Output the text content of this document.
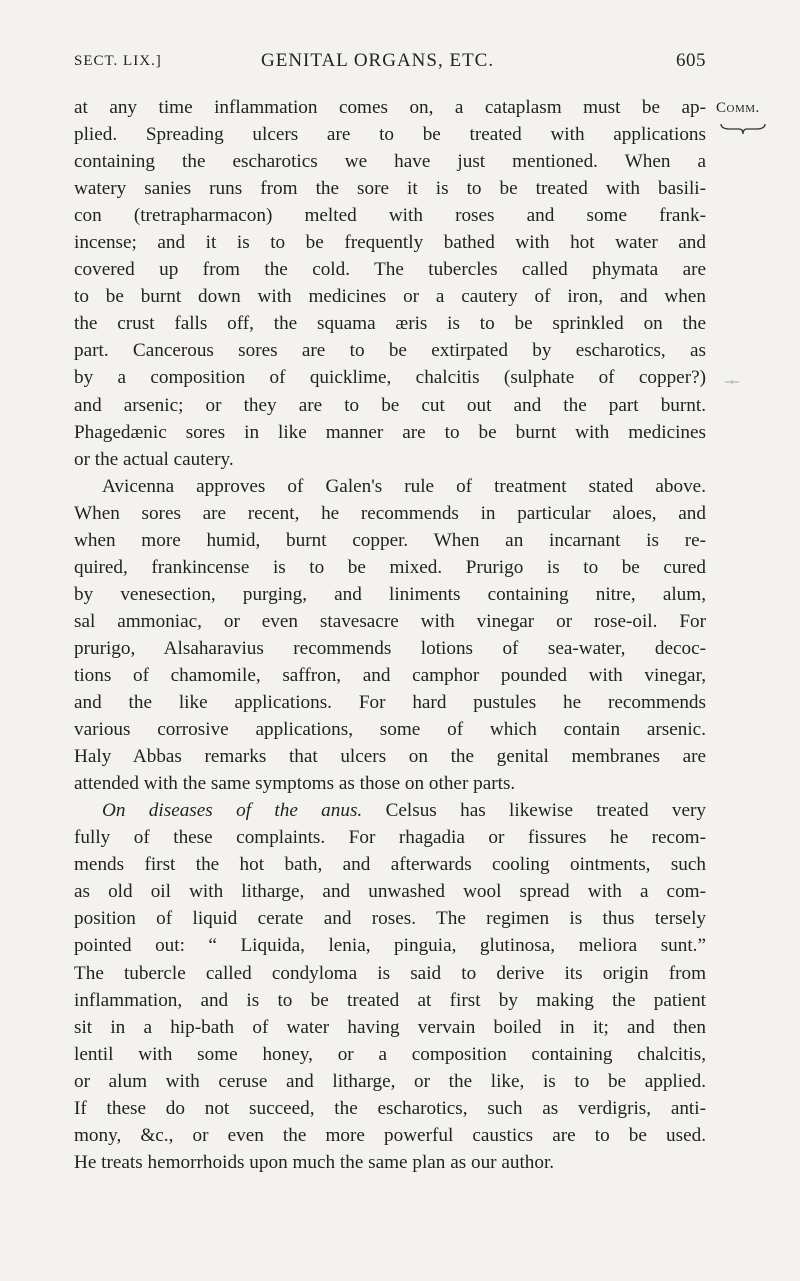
SECT. LIX.]	GENITAL ORGANS, ETC.	605
Comm.
at any time inflammation comes on, a cataplasm must be ap-
plied. Spreading ulcers are to be treated with applications
containing the escharotics we have just mentioned. When a
watery sanies runs from the sore it is to be treated with basili-
con (tretrapharmacon) melted with roses and some frank-
incense; and it is to be frequently bathed with hot water and
covered up from the cold. The tubercles called phymata are
to be burnt down with medicines or a cautery of iron, and when
the crust falls off, the squama æris is to be sprinkled on the
part. Cancerous sores are to be extirpated by escharotics, as
by a composition of quicklime, chalcitis (sulphate of copper?)
and arsenic; or they are to be cut out and the part burnt.
Phagedænic sores in like manner are to be burnt with medicines
or the actual cautery.
Avicenna approves of Galen's rule of treatment stated above.
When sores are recent, he recommends in particular aloes, and
when more humid, burnt copper. When an incarnant is re-
quired, frankincense is to be mixed. Prurigo is to be cured
by venesection, purging, and liniments containing nitre, alum,
sal ammoniac, or even stavesacre with vinegar or rose-oil. For
prurigo, Alsaharavius recommends lotions of sea-water, decoc-
tions of chamomile, saffron, and camphor pounded with vinegar,
and the like applications. For hard pustules he recommends
various corrosive applications, some of which contain arsenic.
Haly Abbas remarks that ulcers on the genital membranes are
attended with the same symptoms as those on other parts.
On diseases of the anus. Celsus has likewise treated very
fully of these complaints. For rhagadia or fissures he recom-
mends first the hot bath, and afterwards cooling ointments, such
as old oil with litharge, and unwashed wool spread with a com-
position of liquid cerate and roses. The regimen is thus tersely
pointed out: “ Liquida, lenia, pinguia, glutinosa, meliora sunt.”
The tubercle called condyloma is said to derive its origin from
inflammation, and is to be treated at first by making the patient
sit in a hip-bath of water having vervain boiled in it; and then
lentil with some honey, or a composition containing chalcitis,
or alum with ceruse and litharge, or the like, is to be applied.
If these do not succeed, the escharotics, such as verdigris, anti-
mony, &c., or even the more powerful caustics are to be used.
He treats hemorrhoids upon much the same plan as our author.
